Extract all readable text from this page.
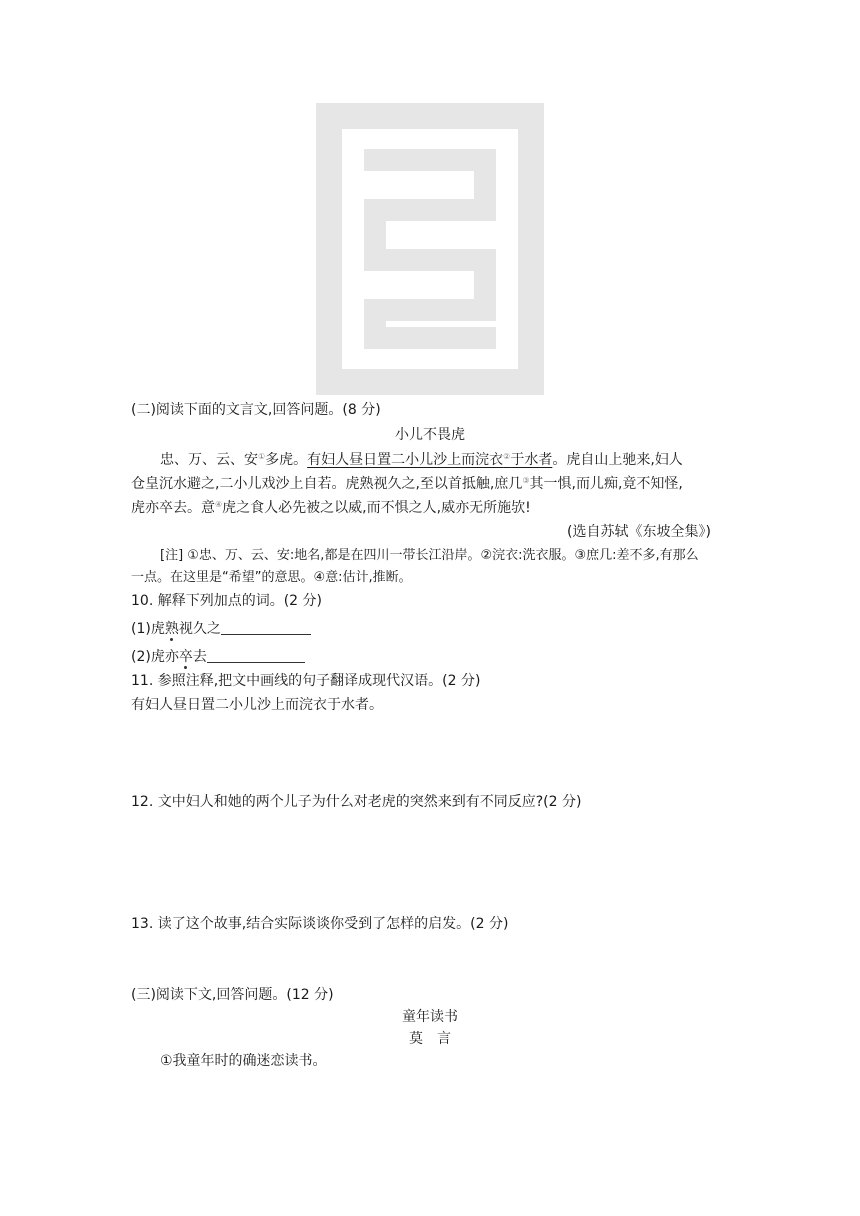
(二)阅读下面的文言文,回答问题。(8 分)
小儿不畏虎
忠、万、云、安①多虎。有妇人昼日置二小儿沙上而浣衣②于水者。虎自山上驰来,妇人
仓皇沉水避之,二小儿戏沙上自若。虎熟视久之,至以首抵触,庶几③其一惧,而儿痴,竟不知怪,
虎亦卒去。意④虎之食人必先被之以威,而不惧之人,威亦无所施欤!
(选自苏轼《东坡全集》)
[注] ①忠、万、云、安:地名,都是在四川一带长江沿岸。②浣衣:洗衣服。③庶几:差不多,有那么
一点。在这里是“希望”的意思。④意:估计,推断。
10. 解释下列加点的词。(2 分)
(1)虎熟视久之
(2)虎亦卒去
11. 参照注释,把文中画线的句子翻译成现代汉语。(2 分)
有妇人昼日置二小儿沙上而浣衣于水者。
12. 文中妇人和她的两个儿子为什么对老虎的突然来到有不同反应?(2 分)
13. 读了这个故事,结合实际谈谈你受到了怎样的启发。(2 分)
(三)阅读下文,回答问题。(12 分)
童年读书
莫　言
①我童年时的确迷恋读书。
